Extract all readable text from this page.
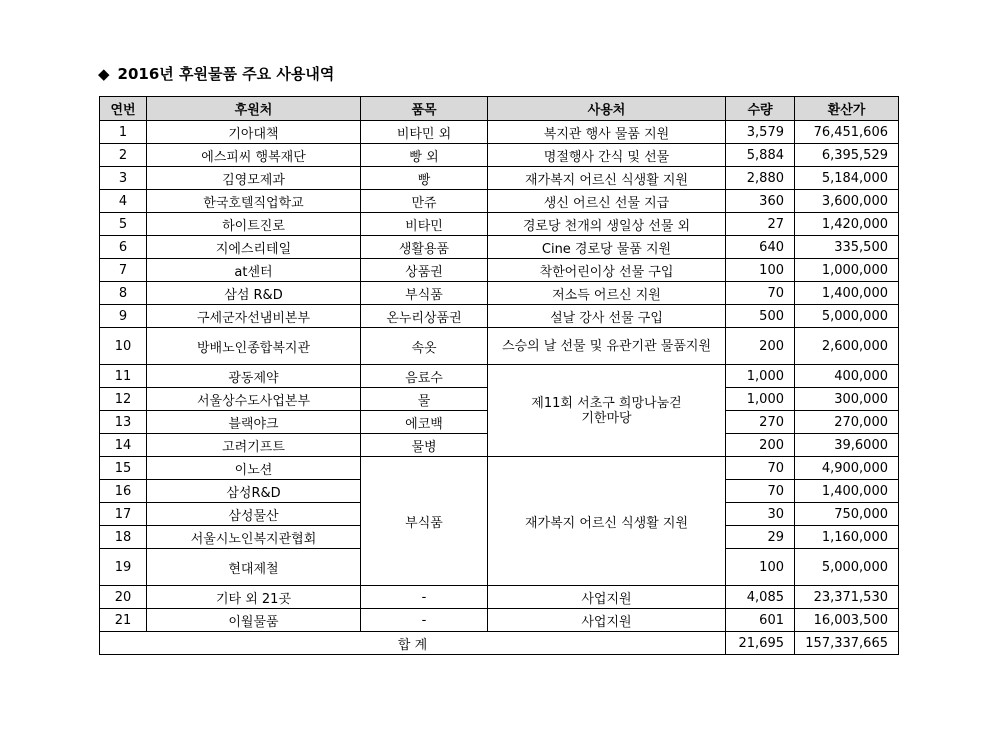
◆ 2016년 후원물품 주요 사용내역
연번	후원처	품목	사용처	수량	환산가
1	기아대책	비타민 외	복지관 행사 물품 지원	3,579	76,451,606
2	에스피씨 행복재단	빵 외	명절행사 간식 및 선물	5,884	6,395,529
3	김영모제과	빵	재가복지 어르신 식생활 지원	2,880	5,184,000
4	한국호텔직업학교	만쥬	생신 어르신 선물 지급	360	3,600,000
5	하이트진로	비타민	경로당 천개의 생일상 선물 외	27	1,420,000
6	지에스리테일	생활용품	Cine 경로당 물품 지원	640	335,500
7	at센터	상품권	착한어린이상 선물 구입	100	1,000,000
8	삼섬 R&D	부식품	저소득 어르신 지원	70	1,400,000
9	구세군자선냄비본부	온누리상품권	설날 강사 선물 구입	500	5,000,000
10	방배노인종합복지관	속옷	스승의 날 선물 및 유관기관 물품지원	200	2,600,000
11	광동제약	음료수	제11회 서초구 희망나눔걷기한마당	1,000	400,000
12	서울상수도사업본부	물		1,000	300,000
13	블랙야크	에코백		270	270,000
14	고려기프트	물병		200	39,6000
15	이노션	부식품	재가복지 어르신 식생활 지원	70	4,900,000
16	삼성R&D			70	1,400,000
17	삼성물산			30	750,000
18	서울시노인복지관협회			29	1,160,000
19	현대제철			100	5,000,000
20	기타 외 21곳	-	사업지원	4,085	23,371,530
21	이월물품	-	사업지원	601	16,003,500
합 계				21,695	157,337,665
